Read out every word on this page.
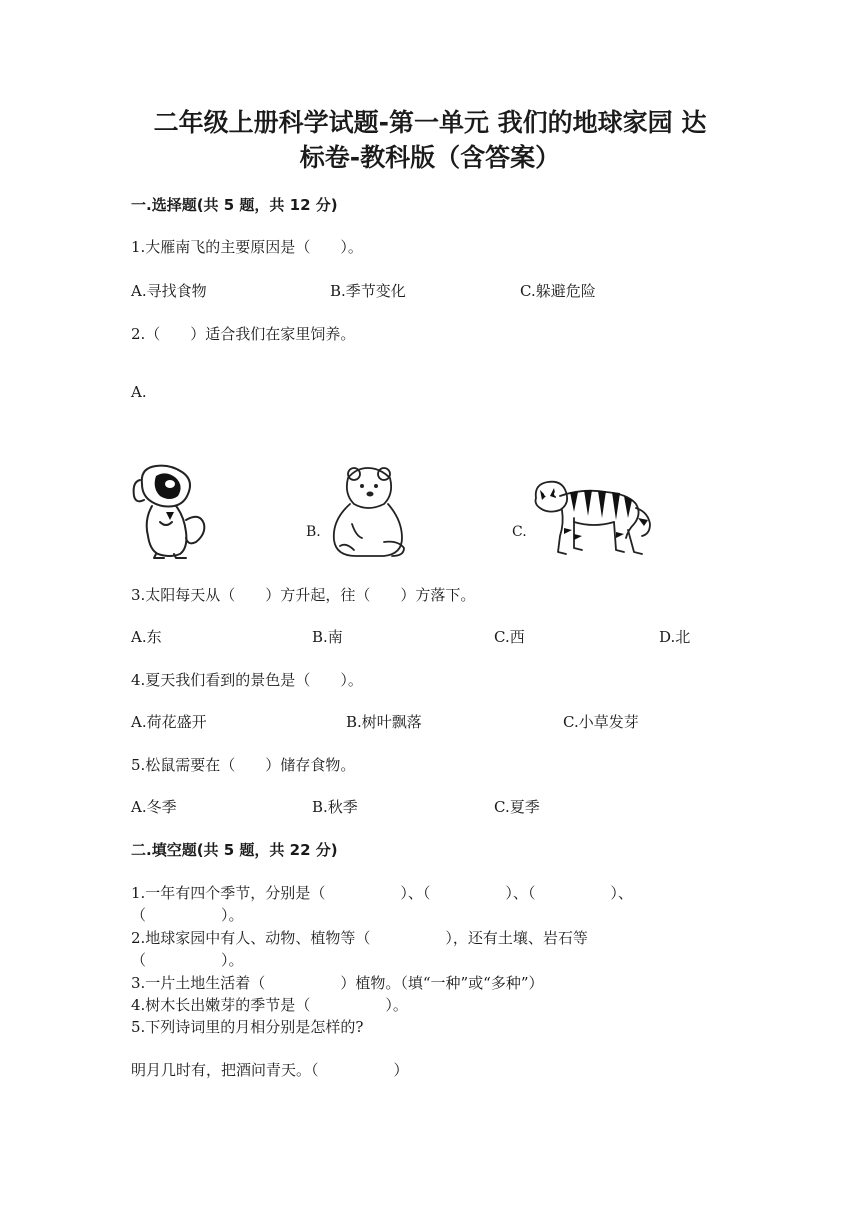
二年级上册科学试题-第一单元 我们的地球家园 达
标卷-教科版（含答案）
一.选择题(共 5 题，共 12 分)
1.大雁南飞的主要原因是（　　）。
A.寻找食物	B.季节变化	C.躲避危险
2.（　　）适合我们在家里饲养。
A.
B.	C.
3.太阳每天从（　　）方升起，往（　　）方落下。
A.东	B.南	C.西	D.北
4.夏天我们看到的景色是（　　）。
A.荷花盛开	B.树叶飘落	C.小草发芽
5.松鼠需要在（　　）储存食物。
A.冬季	B.秋季	C.夏季
二.填空题(共 5 题，共 22 分)
1.一年有四个季节，分别是（　　　　　）、（　　　　　）、（　　　　　）、
（　　　　　）。
2.地球家园中有人、动物、植物等（　　　　　），还有土壤、岩石等
（　　　　　）。
3.一片土地生活着（　　　　　）植物。（填“一种”或“多种”）
4.树木长出嫩芽的季节是（　　　　　）。
5.下列诗词里的月相分别是怎样的?
明月几时有，把酒问青天。（　　　　　）
